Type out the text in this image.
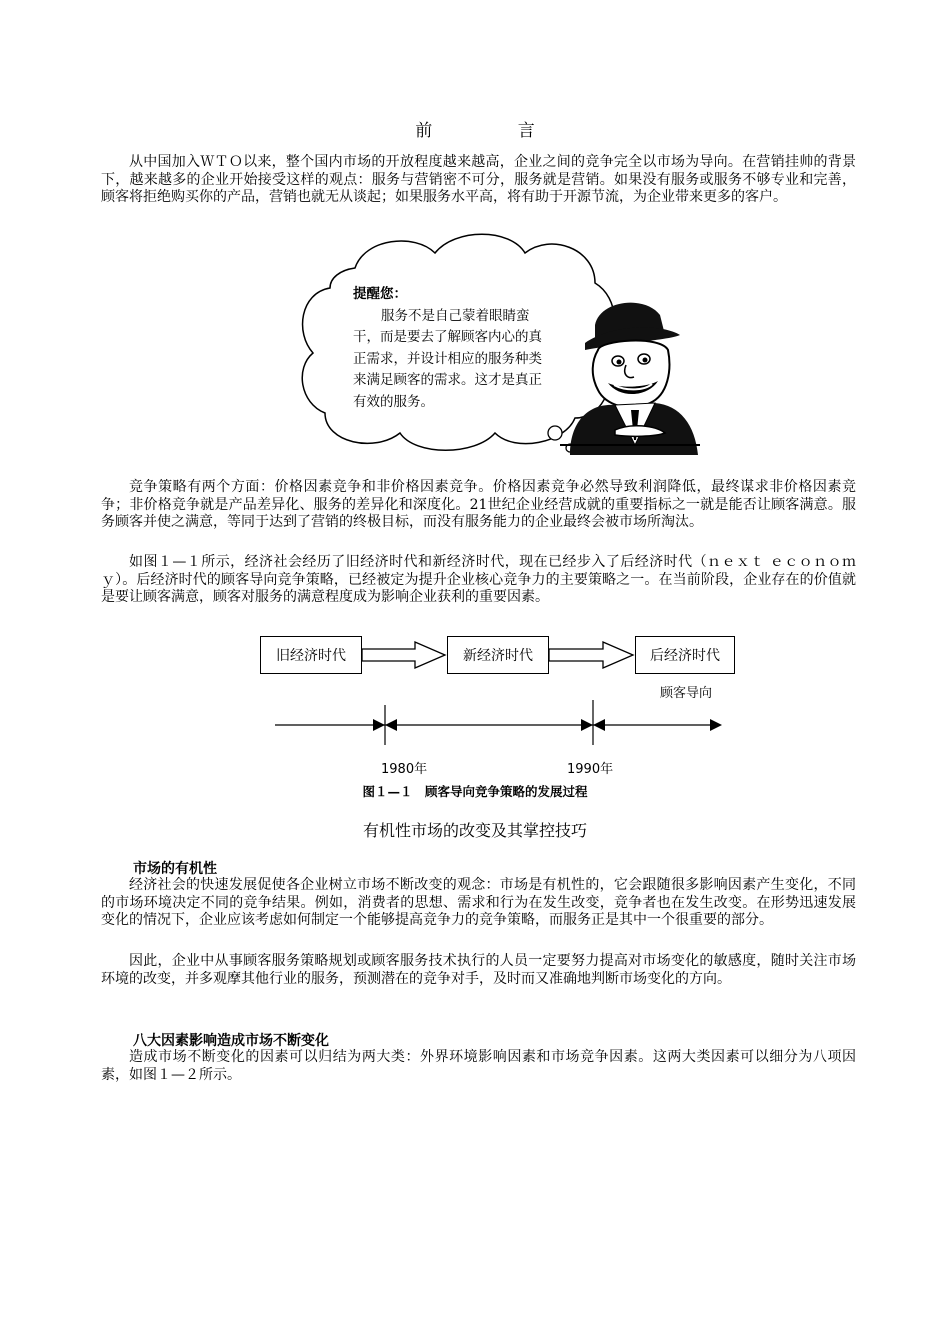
前 言

从中国加入ＷＴＯ以来，整个国内市场的开放程度越来越高，企业之间的竞争完全以市场为导向。在营销挂帅的背景下，越来越多的企业开始接受这样的观点：服务与营销密不可分，服务就是营销。如果没有服务或服务不够专业和完善，顾客将拒绝购买你的产品，营销也就无从谈起；如果服务水平高，将有助于开源节流，为企业带来更多的客户。

提醒您：

服务不是自己蒙着眼睛蛮干，而是要去了解顾客内心的真正需求，并设计相应的服务种类来满足顾客的需求。这才是真正有效的服务。

竞争策略有两个方面：价格因素竞争和非价格因素竞争。价格因素竞争必然导致利润降低，最终谋求非价格因素竞争；非价格竞争就是产品差异化、服务的差异化和深度化。21世纪企业经营成就的重要指标之一就是能否让顾客满意。服务顾客并使之满意，等同于达到了营销的终极目标，而没有服务能力的企业最终会被市场所淘汰。

如图１—１所示，经济社会经历了旧经济时代和新经济时代，现在已经步入了后经济时代（ｎｅｘｔ ｅｃｏｎｏｍｙ）。后经济时代的顾客导向竞争策略，已经被定为提升企业核心竞争力的主要策略之一。在当前阶段，企业存在的价值就是要让顾客满意，顾客对服务的满意程度成为影响企业获利的重要因素。

旧经济时代	新经济时代	后经济时代
顾客导向
1980年	1990年
图１—１　顾客导向竞争策略的发展过程
有机性市场的改变及其掌控技巧
市场的有机性

经济社会的快速发展促使各企业树立市场不断改变的观念：市场是有机性的，它会跟随很多影响因素产生变化，不同的市场环境决定不同的竞争结果。例如，消费者的思想、需求和行为在发生改变，竞争者也在发生改变。在形势迅速发展变化的情况下，企业应该考虑如何制定一个能够提高竞争力的竞争策略，而服务正是其中一个很重要的部分。

因此，企业中从事顾客服务策略规划或顾客服务技术执行的人员一定要努力提高对市场变化的敏感度，随时关注市场环境的改变，并多观摩其他行业的服务，预测潜在的竞争对手，及时而又准确地判断市场变化的方向。

八大因素影响造成市场不断变化

造成市场不断变化的因素可以归结为两大类：外界环境影响因素和市场竞争因素。这两大类因素可以细分为八项因素，如图１—２所示。
